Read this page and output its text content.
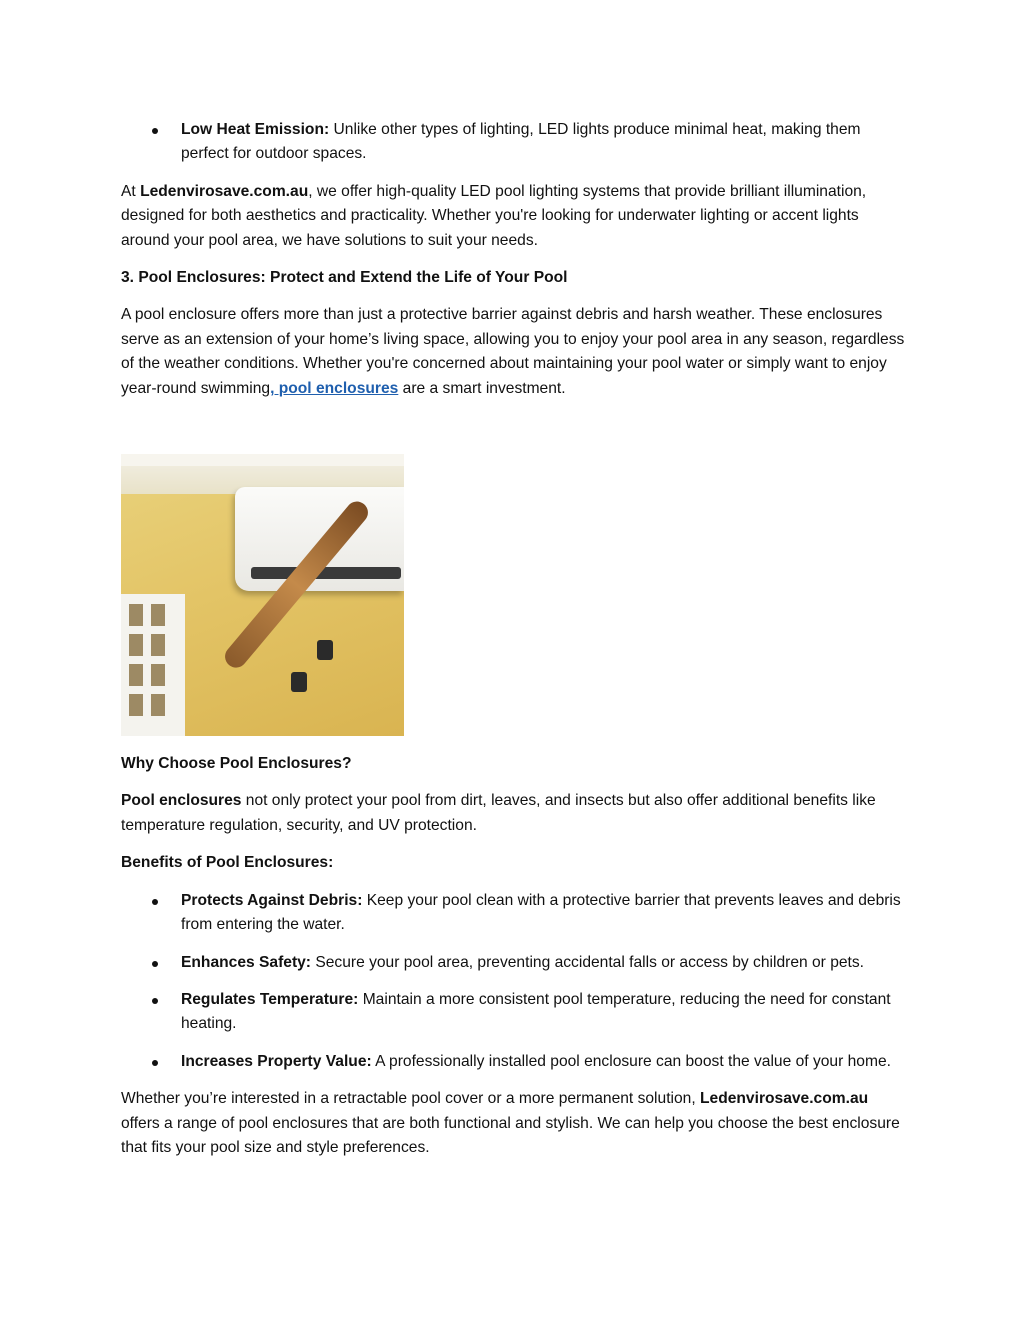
Low Heat Emission: Unlike other types of lighting, LED lights produce minimal heat, making them perfect for outdoor spaces.

At Ledenvirosave.com.au, we offer high-quality LED pool lighting systems that provide brilliant illumination, designed for both aesthetics and practicality. Whether you're looking for underwater lighting or accent lights around your pool area, we have solutions to suit your needs.

3. Pool Enclosures: Protect and Extend the Life of Your Pool

A pool enclosure offers more than just a protective barrier against debris and harsh weather. These enclosures serve as an extension of your home’s living space, allowing you to enjoy your pool area in any season, regardless of the weather conditions. Whether you're concerned about maintaining your pool water or simply want to enjoy year-round swimming, pool enclosures are a smart investment.

Why Choose Pool Enclosures?

Pool enclosures not only protect your pool from dirt, leaves, and insects but also offer additional benefits like temperature regulation, security, and UV protection.

Benefits of Pool Enclosures:

Protects Against Debris: Keep your pool clean with a protective barrier that prevents leaves and debris from entering the water.
Enhances Safety: Secure your pool area, preventing accidental falls or access by children or pets.
Regulates Temperature: Maintain a more consistent pool temperature, reducing the need for constant heating.
Increases Property Value: A professionally installed pool enclosure can boost the value of your home.

Whether you’re interested in a retractable pool cover or a more permanent solution, Ledenvirosave.com.au offers a range of pool enclosures that are both functional and stylish. We can help you choose the best enclosure that fits your pool size and style preferences.
